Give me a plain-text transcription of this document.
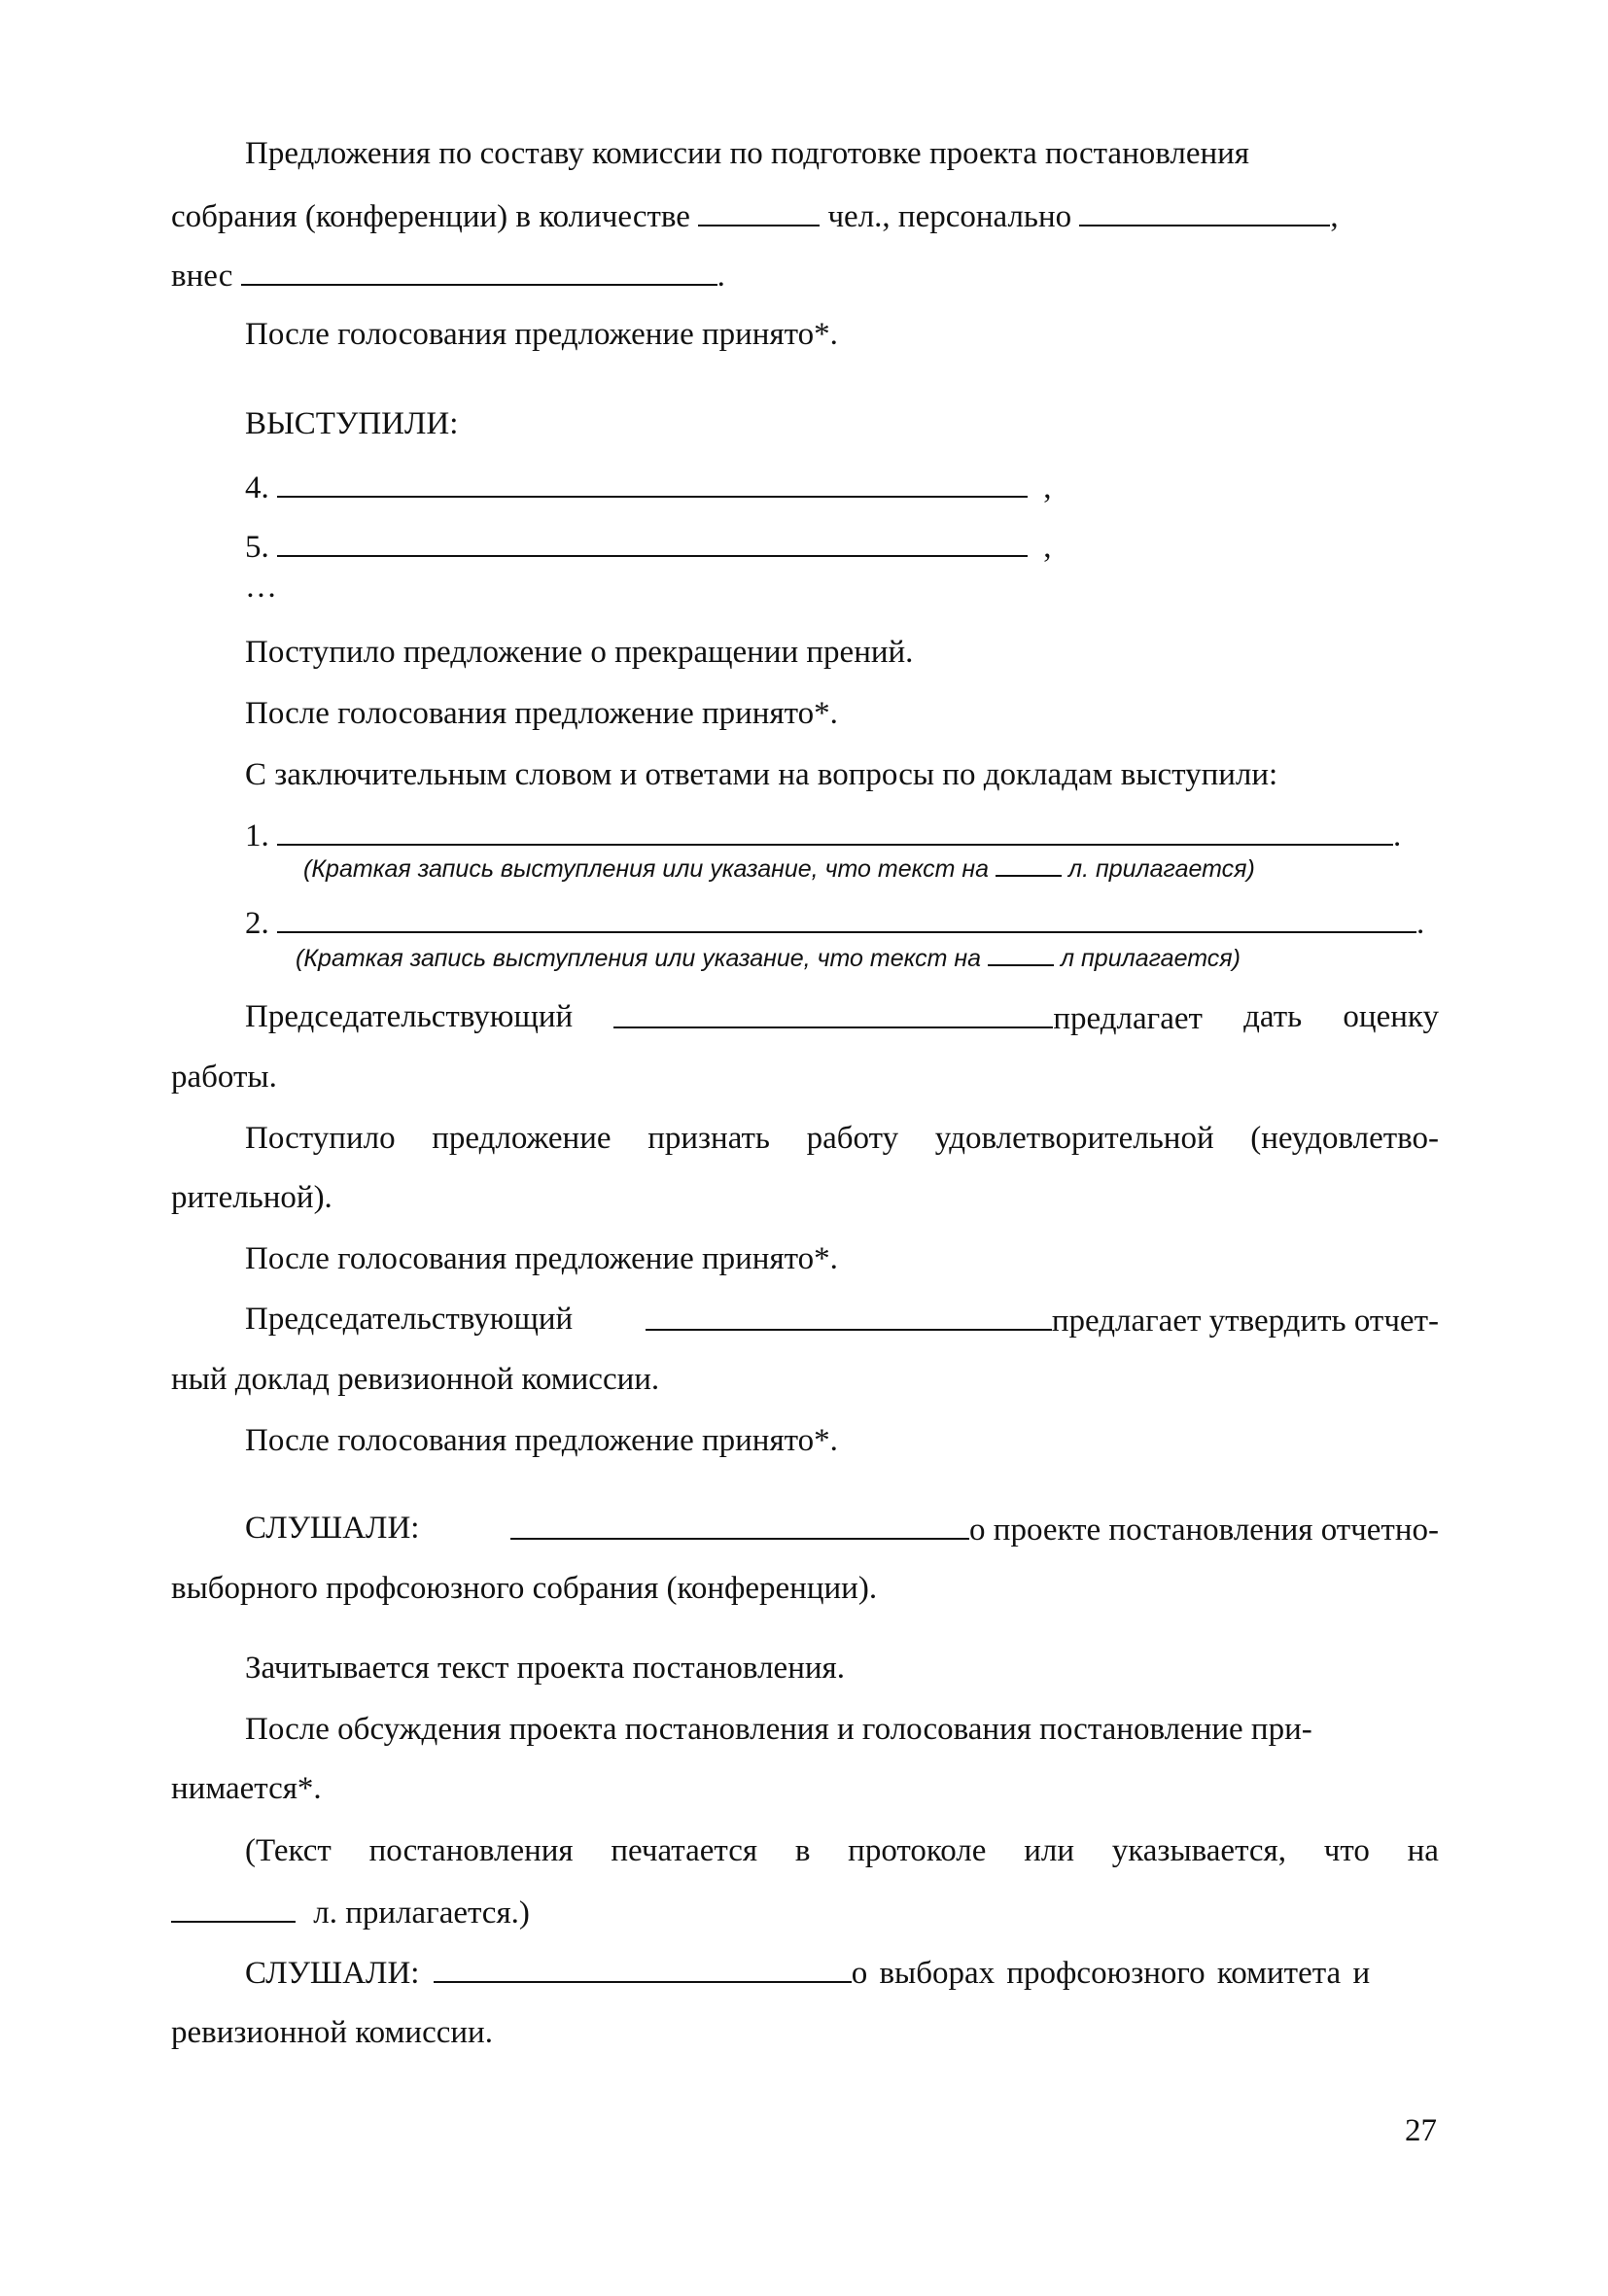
Предложения по составу комиссии по подготовке проекта постановления
собрания (конференции) в количестве	чел., персонально	,
внес	.
После голосования предложение принято*.
ВЫСТУПИЛИ:
4.	,
5.	,
…
Поступило предложение о прекращении прений.
После голосования предложение принято*.
С заключительным словом и ответами на вопросы по докладам выступили:
1.	.
(Краткая запись выступления или указание, что текст на	л. прилагается)
2.	.
(Краткая запись выступления или указание, что текст на	л прилагается)
Председательствующий	предлагает дать оценку
работы.
Поступило предложение признать работу удовлетворительной (неудовлетво-
рительной).
После голосования предложение принято*.
Председательствующий	предлагает утвердить отчет-
ный доклад ревизионной комиссии.
После голосования предложение принято*.
СЛУШАЛИ:	о проекте постановления отчетно-
выборного профсоюзного собрания (конференции).
Зачитывается текст проекта постановления.
После обсуждения проекта постановления и голосования постановление при-
нимается*.
(Текст постановления печатается в протоколе или указывается, что на
л. прилагается.)
СЛУШАЛИ:	о выборах профсоюзного комитета и
ревизионной комиссии.
27
